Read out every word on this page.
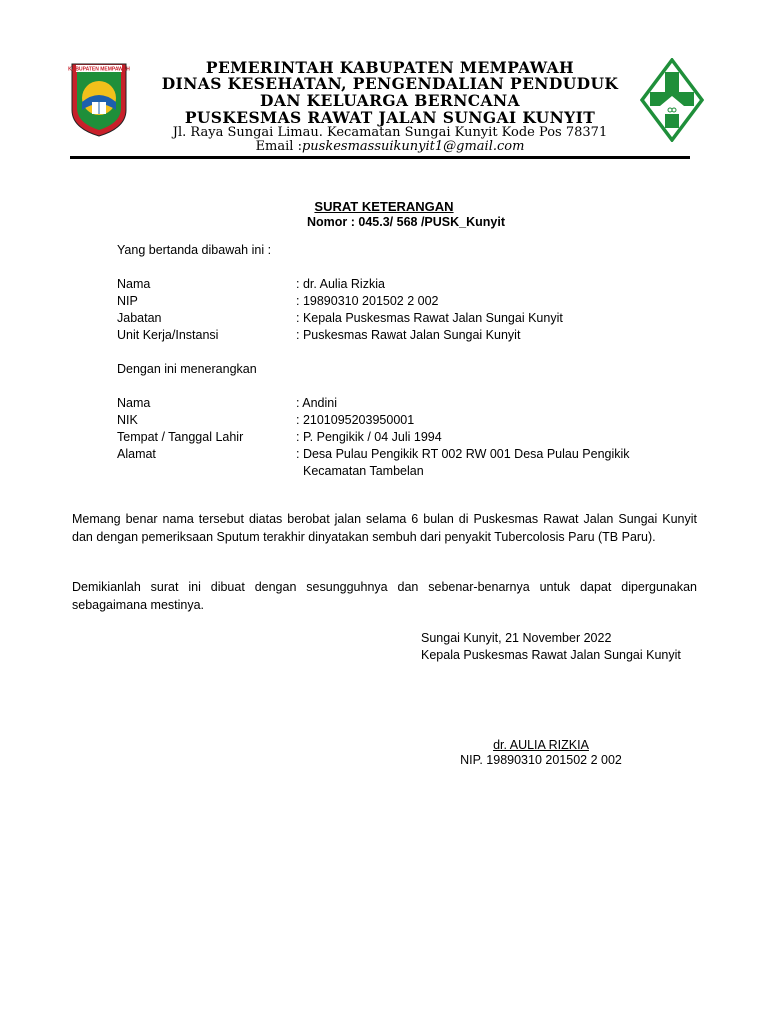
KABUPATEN MEMPAWAH	PEMERINTAH KABUPATEN MEMPAWAH
DINAS KESEHATAN, PENGENDALIAN PENDUDUK
DAN KELUARGA BERNCANA
PUSKESMAS RAWAT JALAN SUNGAI KUNYIT
Jl. Raya Sungai Limau. Kecamatan Sungai Kunyit Kode Pos 78371
Email :puskesmassuikunyit1@gmail.com
SURAT KETERANGAN
Nomor : 045.3/ 568 /PUSK_Kunyit
Yang bertanda dibawah ini :
Nama	: dr. Aulia Rizkia
NIP	: 19890310 201502 2 002
Jabatan	: Kepala Puskesmas Rawat Jalan Sungai Kunyit
Unit Kerja/Instansi	: Puskesmas Rawat Jalan Sungai Kunyit
Dengan ini menerangkan
Nama	: Andini
NIK	: 2101095203950001
Tempat / Tanggal Lahir	: P. Pengikik / 04 Juli 1994
Alamat	: Desa Pulau Pengikik RT 002 RW 001 Desa Pulau Pengikik
Kecamatan Tambelan
Memang benar nama tersebut diatas berobat jalan selama 6 bulan di Puskesmas Rawat Jalan Sungai Kunyit dan dengan pemeriksaan Sputum terakhir dinyatakan sembuh dari penyakit Tubercolosis Paru (TB Paru).
Demikianlah surat ini dibuat dengan sesungguhnya dan sebenar-benarnya untuk dapat dipergunakan sebagaimana mestinya.
Sungai Kunyit, 21 November 2022
Kepala Puskesmas Rawat Jalan Sungai Kunyit
dr. AULIA RIZKIA
NIP. 19890310 201502 2 002
